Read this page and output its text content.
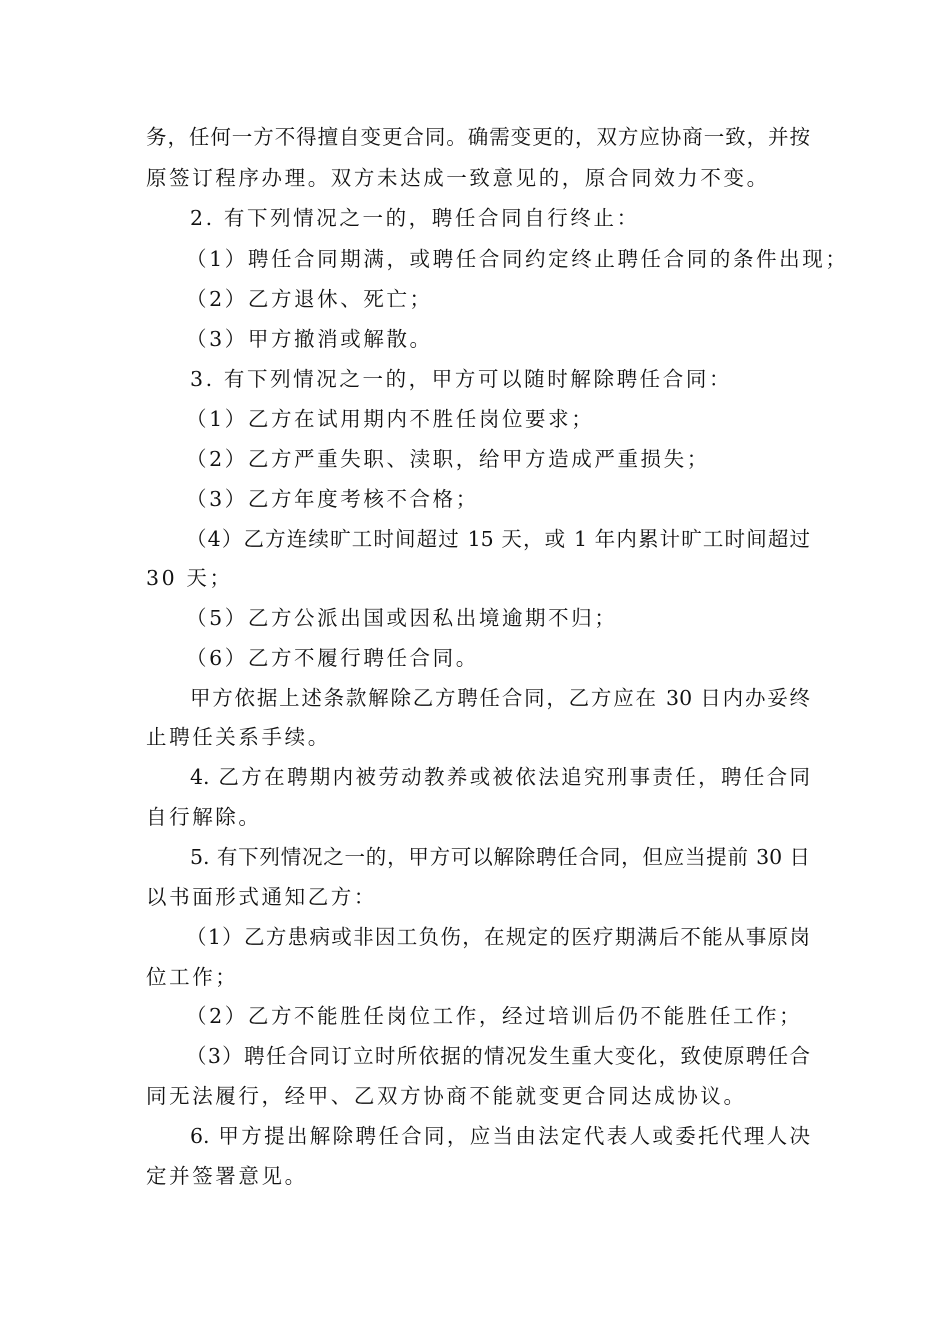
务，任何一方不得擅自变更合同。确需变更的，双方应协商一致，并按
原签订程序办理。双方未达成一致意见的，原合同效力不变。
2. 有下列情况之一的，聘任合同自行终止：
（1）聘任合同期满，或聘任合同约定终止聘任合同的条件出现；
（2）乙方退休、死亡；
（3）甲方撤消或解散。
3. 有下列情况之一的，甲方可以随时解除聘任合同：
（1）乙方在试用期内不胜任岗位要求；
（2）乙方严重失职、渎职，给甲方造成严重损失；
（3）乙方年度考核不合格；
（4）乙方连续旷工时间超过 15 天，或 1 年内累计旷工时间超过
30 天；
（5）乙方公派出国或因私出境逾期不归；
（6）乙方不履行聘任合同。
甲方依据上述条款解除乙方聘任合同，乙方应在 30 日内办妥终
止聘任关系手续。
4. 乙方在聘期内被劳动教养或被依法追究刑事责任，聘任合同
自行解除。
5. 有下列情况之一的，甲方可以解除聘任合同，但应当提前 30 日
以书面形式通知乙方：
（1）乙方患病或非因工负伤，在规定的医疗期满后不能从事原岗
位工作；
（2）乙方不能胜任岗位工作，经过培训后仍不能胜任工作；
（3）聘任合同订立时所依据的情况发生重大变化，致使原聘任合
同无法履行，经甲、乙双方协商不能就变更合同达成协议。
6. 甲方提出解除聘任合同，应当由法定代表人或委托代理人决
定并签署意见。
